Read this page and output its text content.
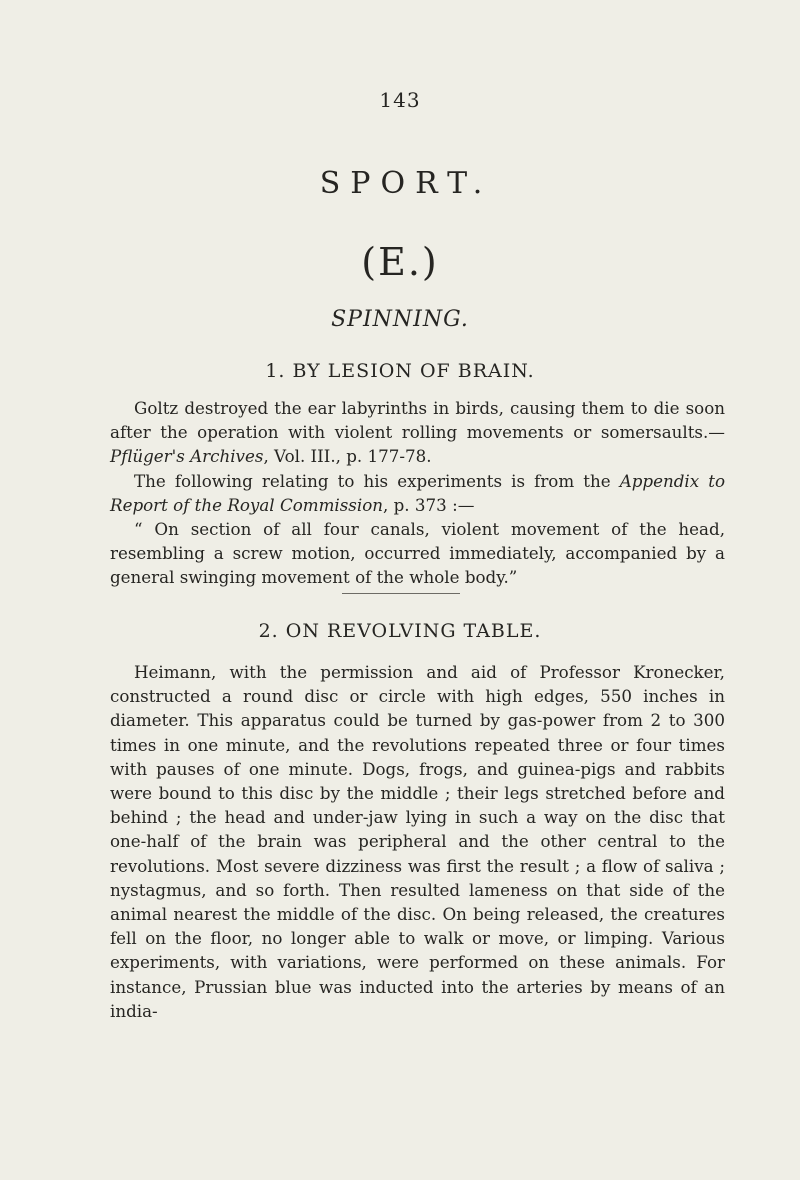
143
SPORT.
(E.)
SPINNING.
1. BY LESION OF BRAIN.

Goltz destroyed the ear labyrinths in birds, causing them to die soon after the operation with violent rolling movements or somersaults.—Pflüger's Archives, Vol. III., p. 177-78.

The following relating to his experiments is from the Appendix to Report of the Royal Commission, p. 373 :—

“ On section of all four canals, violent movement of the head, resembling a screw motion, occurred immediately, accompanied by a general swinging movement of the whole body.”

2. ON REVOLVING TABLE.

Heimann, with the permission and aid of Professor Kronecker, constructed a round disc or circle with high edges, 550 inches in diameter. This apparatus could be turned by gas-power from 2 to 300 times in one minute, and the revolutions repeated three or four times with pauses of one minute. Dogs, frogs, and guinea-pigs and rabbits were bound to this disc by the middle ; their legs stretched before and behind ; the head and under-jaw lying in such a way on the disc that one-half of the brain was peripheral and the other central to the revolutions. Most severe dizziness was first the result ; a flow of saliva ; nystagmus, and so forth. Then resulted lameness on that side of the animal nearest the middle of the disc. On being released, the creatures fell on the floor, no longer able to walk or move, or limping. Various experiments, with variations, were performed on these animals. For instance, Prussian blue was inducted into the arteries by means of an india-
